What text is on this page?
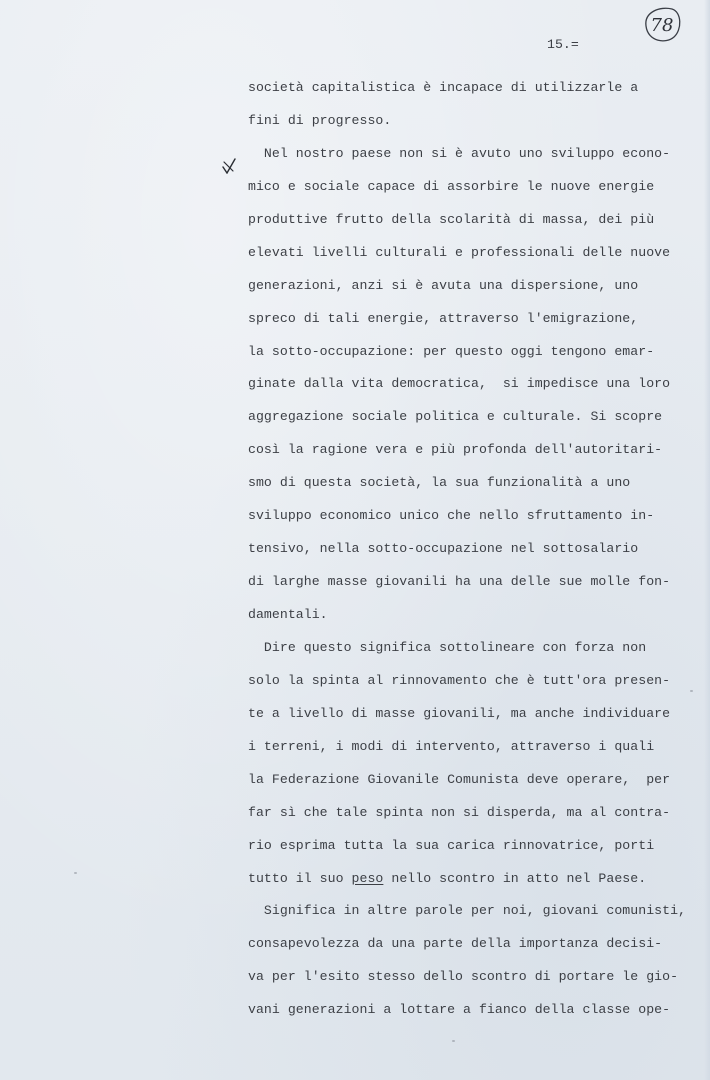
78

15.=

società capitalistica è incapace di utilizzarle a
fini di progresso.
Nel nostro paese non si è avuto uno sviluppo econo-
mico e sociale capace di assorbire le nuove energie
produttive frutto della scolarità di massa, dei più
elevati livelli culturali e professionali delle nuove
generazioni, anzi si è avuta una dispersione, uno
spreco di tali energie, attraverso l'emigrazione,
la sotto-occupazione: per questo oggi tengono emar-
ginate dalla vita democratica,  si impedisce una loro
aggregazione sociale politica e culturale. Si scopre
così la ragione vera e più profonda dell'autoritari-
smo di questa società, la sua funzionalità a uno
sviluppo economico unico che nello sfruttamento in-
tensivo, nella sotto-occupazione nel sottosalario
di larghe masse giovanili ha una delle sue molle fon-
damentali.
Dire questo significa sottolineare con forza non
solo la spinta al rinnovamento che è tutt'ora presen-
te a livello di masse giovanili, ma anche individuare
i terreni, i modi di intervento, attraverso i quali
la Federazione Giovanile Comunista deve operare,  per
far sì che tale spinta non si disperda, ma al contra-
rio esprima tutta la sua carica rinnovatrice, porti
tutto il suo peso nello scontro in atto nel Paese.
Significa in altre parole per noi, giovani comunisti,
consapevolezza da una parte della importanza decisi-
va per l'esito stesso dello scontro di portare le gio-
vani generazioni a lottare a fianco della classe ope-
